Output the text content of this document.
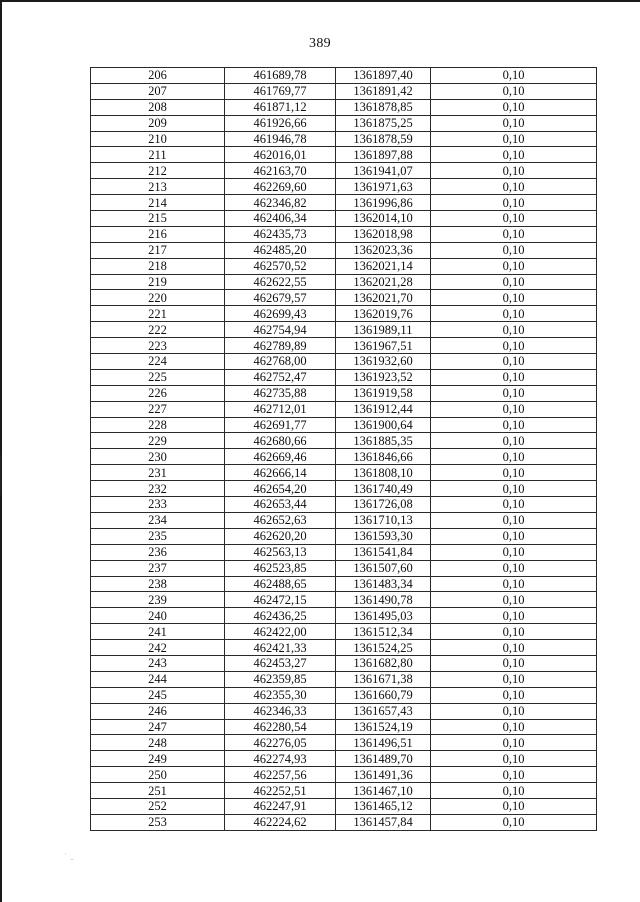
389
206	461689,78	1361897,40	0,10
207	461769,77	1361891,42	0,10
208	461871,12	1361878,85	0,10
209	461926,66	1361875,25	0,10
210	461946,78	1361878,59	0,10
211	462016,01	1361897,88	0,10
212	462163,70	1361941,07	0,10
213	462269,60	1361971,63	0,10
214	462346,82	1361996,86	0,10
215	462406,34	1362014,10	0,10
216	462435,73	1362018,98	0,10
217	462485,20	1362023,36	0,10
218	462570,52	1362021,14	0,10
219	462622,55	1362021,28	0,10
220	462679,57	1362021,70	0,10
221	462699,43	1362019,76	0,10
222	462754,94	1361989,11	0,10
223	462789,89	1361967,51	0,10
224	462768,00	1361932,60	0,10
225	462752,47	1361923,52	0,10
226	462735,88	1361919,58	0,10
227	462712,01	1361912,44	0,10
228	462691,77	1361900,64	0,10
229	462680,66	1361885,35	0,10
230	462669,46	1361846,66	0,10
231	462666,14	1361808,10	0,10
232	462654,20	1361740,49	0,10
233	462653,44	1361726,08	0,10
234	462652,63	1361710,13	0,10
235	462620,20	1361593,30	0,10
236	462563,13	1361541,84	0,10
237	462523,85	1361507,60	0,10
238	462488,65	1361483,34	0,10
239	462472,15	1361490,78	0,10
240	462436,25	1361495,03	0,10
241	462422,00	1361512,34	0,10
242	462421,33	1361524,25	0,10
243	462453,27	1361682,80	0,10
244	462359,85	1361671,38	0,10
245	462355,30	1361660,79	0,10
246	462346,33	1361657,43	0,10
247	462280,54	1361524,19	0,10
248	462276,05	1361496,51	0,10
249	462274,93	1361489,70	0,10
250	462257,56	1361491,36	0,10
251	462252,51	1361467,10	0,10
252	462247,91	1361465,12	0,10
253	462224,62	1361457,84	0,10
˙ ˍ
